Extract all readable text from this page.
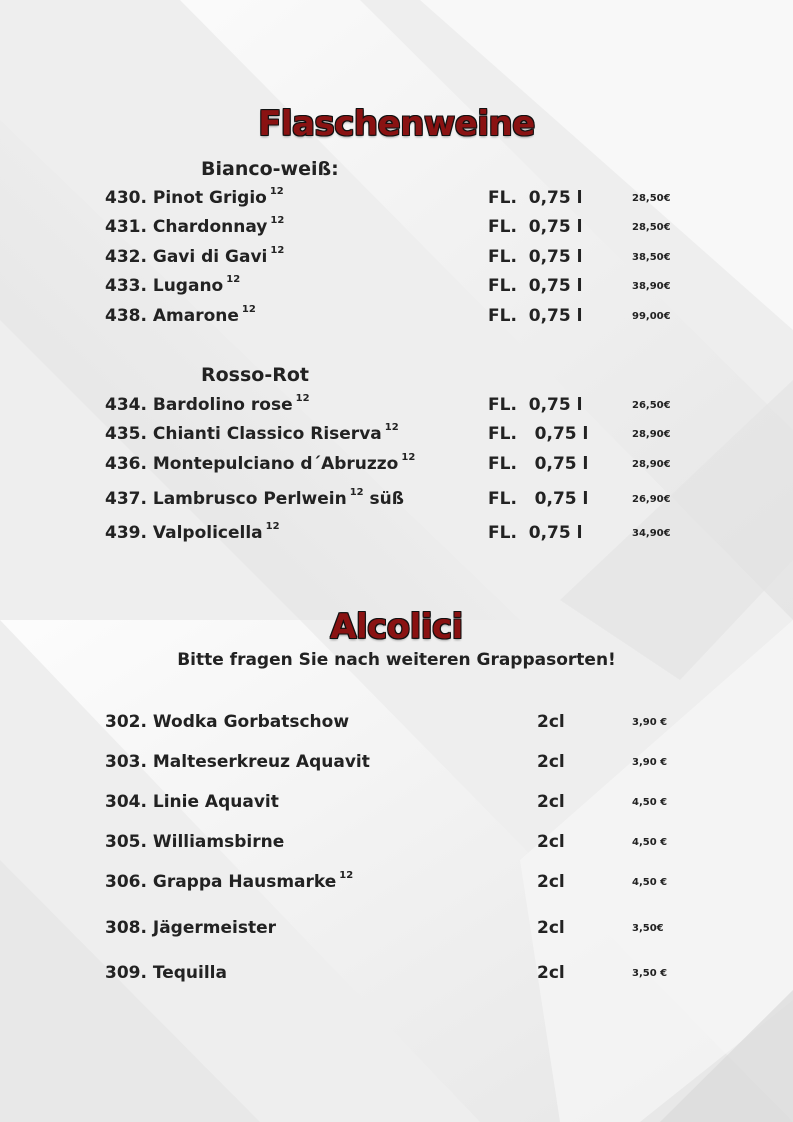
Flaschenweine
Bianco-weiß:
430. Pinot Grigio $^{12}$	FL.  0,75 l	28,50€
431. Chardonnay $^{12}$	FL.  0,75 l	28,50€
432. Gavi di Gavi $^{12}$	FL.  0,75 l	38,50€
433. Lugano $^{12}$	FL.  0,75 l	38,90€
438. Amarone $^{12}$	FL.  0,75 l	99,00€
Rosso-Rot
434. Bardolino rose $^{12}$	FL.  0,75 l	26,50€
435. Chianti Classico Riserva $^{12}$	FL.   0,75 l	28,90€
436. Montepulciano d´Abruzzo $^{12}$	FL.   0,75 l	28,90€
437. Lambrusco Perlwein $^{12}$ süß	FL.   0,75 l	26,90€
439. Valpolicella $^{12}$	FL.  0,75 l	34,90€
Alcolici
Bitte fragen Sie nach weiteren Grappasorten!
302. Wodka Gorbatschow	2cl	3,90 €
303. Malteserkreuz Aquavit	2cl	3,90 €
304. Linie Aquavit	2cl	4,50 €
305. Williamsbirne	2cl	4,50 €
306. Grappa Hausmarke $^{12}$	2cl	4,50 €
308. Jägermeister	2cl	3,50€
309. Tequilla	2cl	3,50 €
